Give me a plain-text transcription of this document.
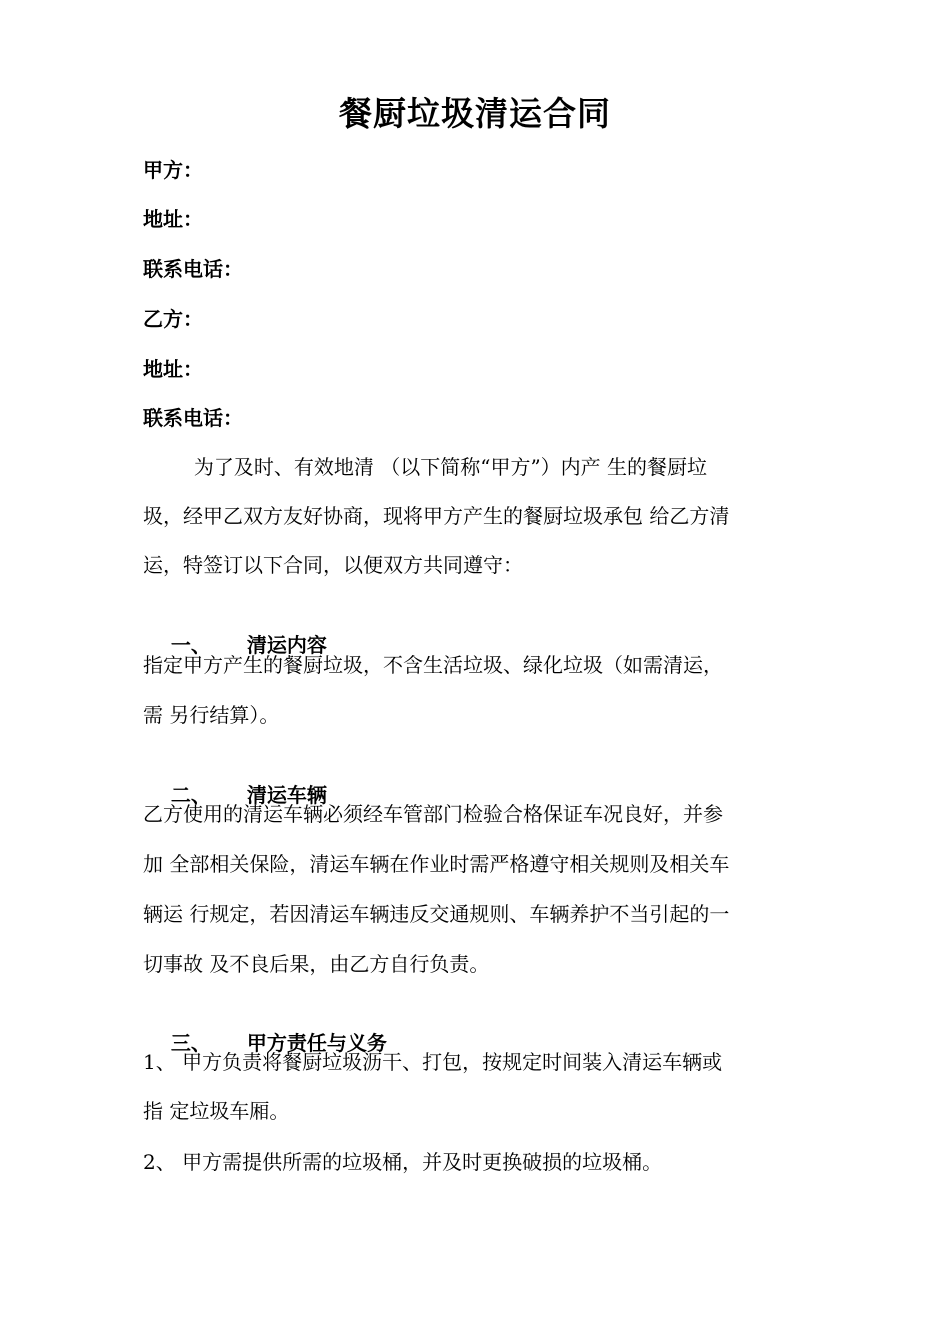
餐厨垃圾清运合同
甲方：
地址：
联系电话：
乙方：
地址：
联系电话：
为了及时、有效地清 （以下简称“甲方”）内产 生的餐厨垃
圾，经甲乙双方友好协商，现将甲方产生的餐厨垃圾承包 给乙方清
运，特签订以下合同，以便双方共同遵守：

一、 清运内容

指定甲方产生的餐厨垃圾，不含生活垃圾、绿化垃圾（如需清运，
需 另行结算）。

二、 清运车辆

乙方使用的清运车辆必须经车管部门检验合格保证车况良好，并参
加 全部相关保险，清运车辆在作业时需严格遵守相关规则及相关车
辆运 行规定，若因清运车辆违反交通规则、车辆养护不当引起的一
切事故 及不良后果，由乙方自行负责。

三、 甲方责任与义务

1、 甲方负责将餐厨垃圾沥干、打包，按规定时间装入清运车辆或
指 定垃圾车厢。
2、 甲方需提供所需的垃圾桶，并及时更换破损的垃圾桶。
